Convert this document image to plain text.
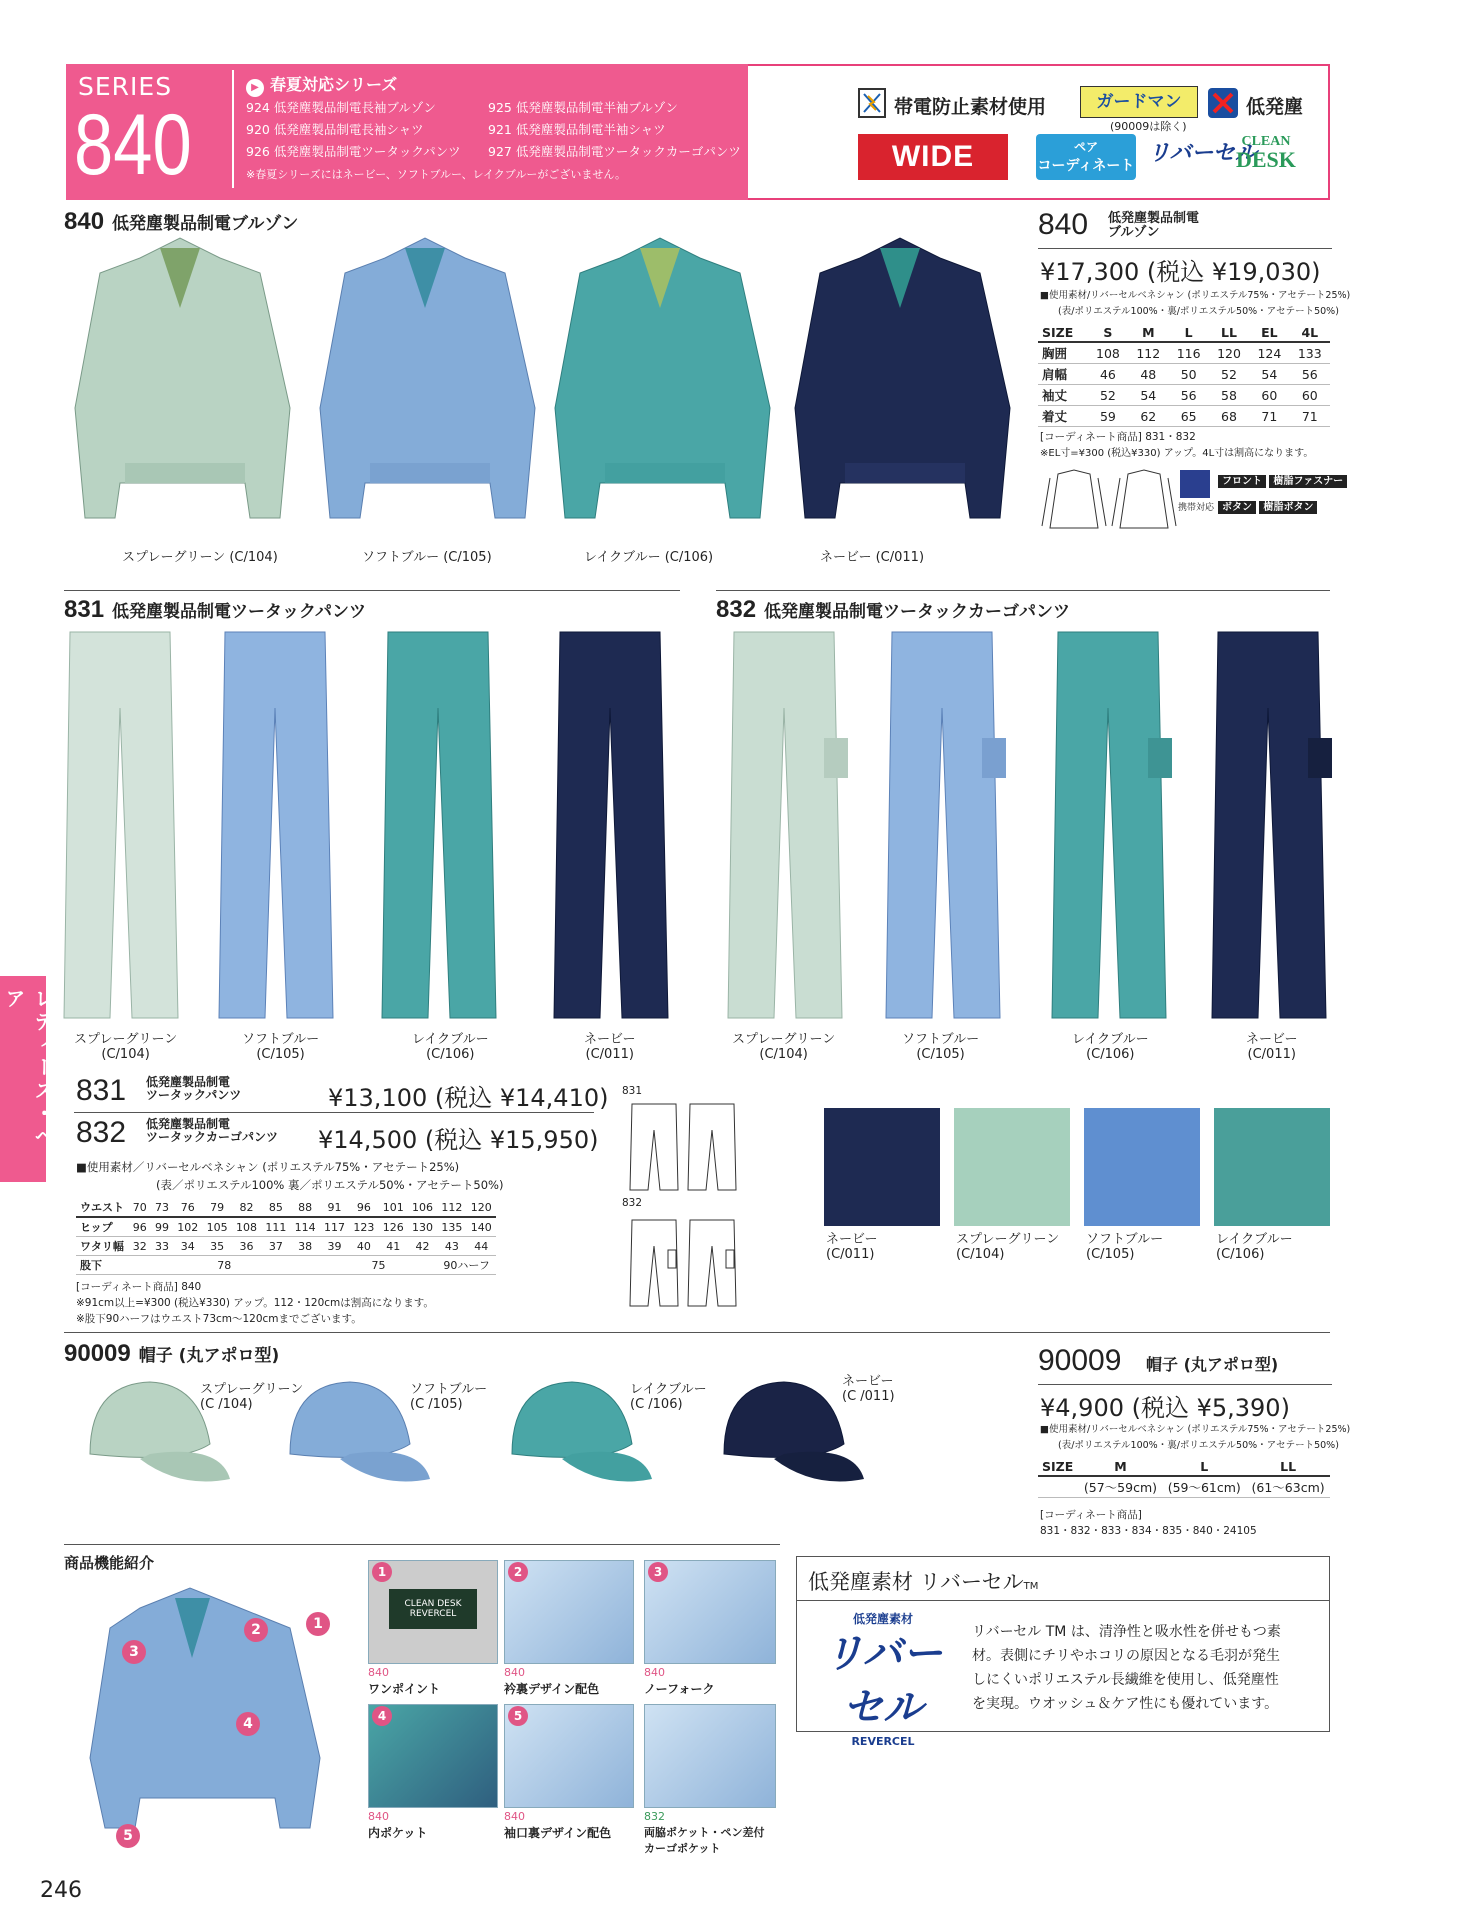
SERIES
840
▶ 春夏対応シリーズ
924 低発塵製品制電長袖ブルゾン	925 低発塵製品制電半袖ブルゾン
920 低発塵製品制電長袖シャツ	921 低発塵製品制電半袖シャツ
926 低発塵製品制電ツータックパンツ 927 低発塵製品制電ツータックカーゴパンツ
※春夏シリーズにはネービー、ソフトブルー、レイクブルーがございません。
帯電防止素材使用	ガードマン
(90009は除く)
低発塵
WIDE	ペア
コーディネート リバーセル
CLEAN
DESK
840 低発塵製品制電ブルゾン
スプレーグリーン (C/104)	ソフトブルー (C/105)	レイクブルー (C/106)	ネービー (C/011)
840 低発塵製品制電
ブルゾン
¥17,300 (税込 ¥19,030)
■使用素材/リバーセルベネシャン (ポリエステル75%・アセテート25%)
(表/ポリエステル100%・裏/ポリエステル50%・アセテート50%)
SIZE	S	M	L	LL	EL	4L
胸囲	108	112	116	120	124	133
肩幅	46	48	50	52	54	56
袖丈	52	54	56	58	60	60
着丈	59	62	65	68	71	71
[コーディネート商品] 831・832
※EL寸=¥300 (税込¥330) アップ。4L寸は割高になります。
携帯対応
フロント 樹脂ファスナー
ボタン 樹脂ボタン
831 低発塵製品制電ツータックパンツ	832 低発塵製品制電ツータックカーゴパンツ
スプレーグリーン
(C/104)
ソフトブルー
(C/105)
レイクブルー
(C/106)
ネービー
(C/011)
スプレーグリーン
(C/104)
ソフトブルー
(C/105)
レイクブルー
(C/106)
ネービー
(C/011)
831 低発塵製品制電
ツータックパンツ	¥13,100 (税込 ¥14,410)
832 低発塵製品制電
ツータックカーゴパンツ ¥14,500 (税込 ¥15,950)
■使用素材／リバーセルベネシャン (ポリエステル75%・アセテート25%)
(表／ポリエステル100% 裏／ポリエステル50%・アセテート50%)
ウエスト	70	73	76	79	82	85	88	91	96	101	106	112	120
ヒップ	96	99	102	105	108	111	114	117	123	126	130	135	140
ワタリ幅	32	33	34	35	36	37	38	39	40	41	42	43	44
股下	78							75				90ハーフ	
[コーディネート商品] 840
※91cm以上=¥300 (税込¥330) アップ。112・120cmは割高になります。
※股下90ハーフはウエスト73cm〜120cmまでございます。
831
832
ネービー
(C/011)
スプレーグリーン
(C/104)
ソフトブルー
(C/105)
レイクブルー
(C/106)
90009 帽子 (丸アポロ型)
スプレーグリーン
(C /104)
ソフトブルー
(C /105)
レイクブルー
(C /106)
ネービー
(C /011)
90009 帽子 (丸アポロ型)
¥4,900 (税込 ¥5,390)
■使用素材/リバーセルベネシャン (ポリエステル75%・アセテート25%)
(表/ポリエステル100%・裏/ポリエステル50%・アセテート50%)
SIZE	M	L	LL
	(57〜59cm)	(59〜61cm)	(61〜63cm)
[コーディネート商品]
831・832・833・834・835・840・24105
商品機能紹介
1
2
3
4
5
CLEAN DESK REVERCEL
1	2	3
840	840	840
ワンポイント	衿裏デザイン配色	ノーフォーク
4	5
840	840	832
内ポケット	袖口裏デザイン配色	両脇ポケット・ペン差付
カーゴポケット
低発塵素材 リバーセルTM
低発塵素材
リバーセル
REVERCEL
リバーセル TM は、清浄性と吸水性を併せもつ素
材。表側にチリやホコリの原因となる毛羽が発生
しにくいポリエステル長繊維を使用し、低発塵性
を実現。ウオッシュ＆ケア性にも優れています。
レディース・ペア
246
